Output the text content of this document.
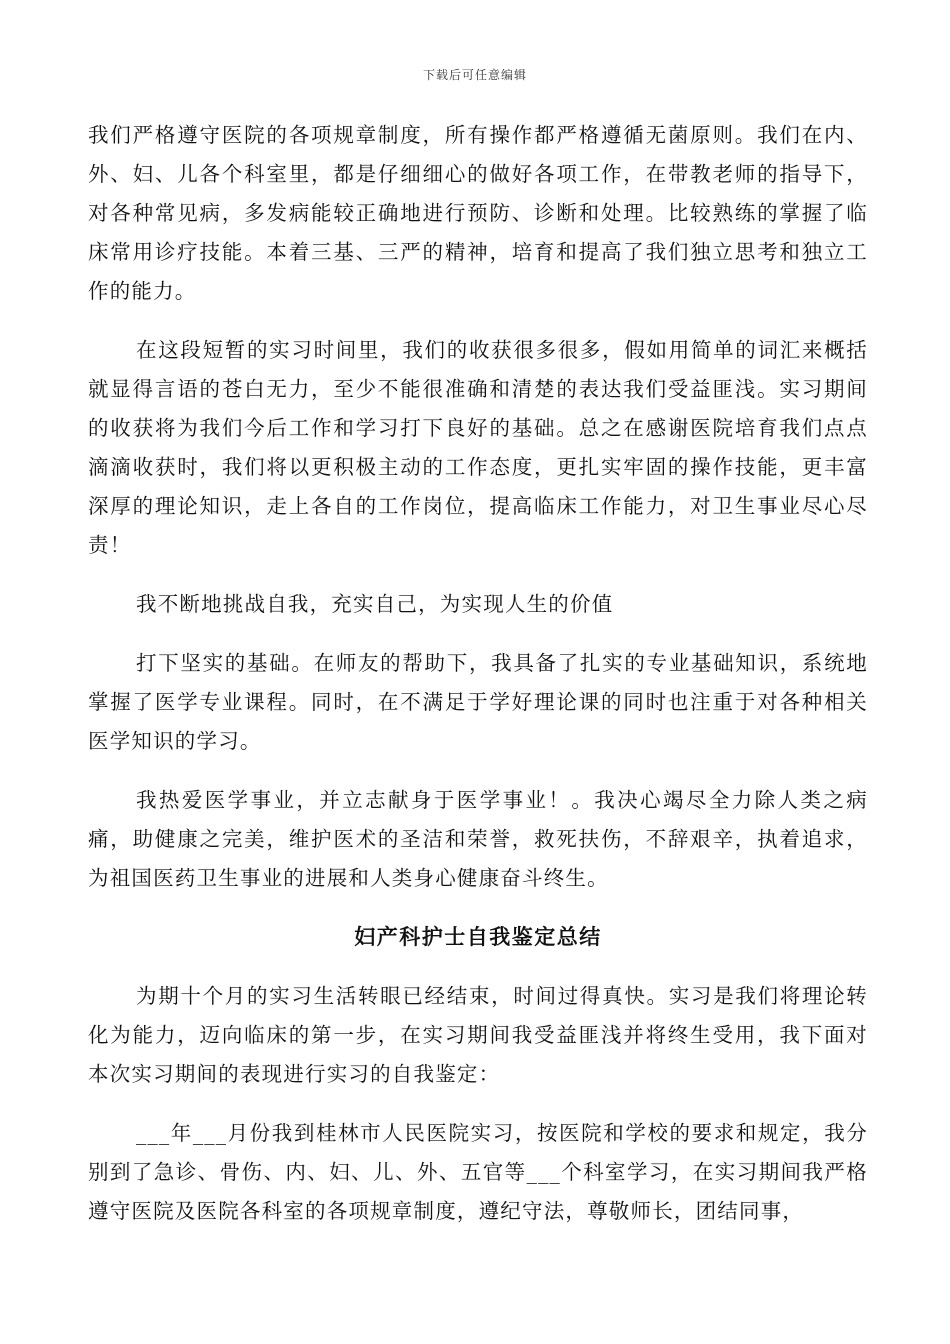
下载后可任意编辑

我们严格遵守医院的各项规章制度，所有操作都严格遵循无菌原则。我们在内、外、妇、儿各个科室里，都是仔细细心的做好各项工作，在带教老师的指导下，对各种常见病，多发病能较正确地进行预防、诊断和处理。比较熟练的掌握了临床常用诊疗技能。本着三基、三严的精神，培育和提高了我们独立思考和独立工作的能力。

在这段短暂的实习时间里，我们的收获很多很多，假如用简单的词汇来概括就显得言语的苍白无力，至少不能很准确和清楚的表达我们受益匪浅。实习期间的收获将为我们今后工作和学习打下良好的基础。总之在感谢医院培育我们点点滴滴收获时，我们将以更积极主动的工作态度，更扎实牢固的操作技能，更丰富深厚的理论知识，走上各自的工作岗位，提高临床工作能力，对卫生事业尽心尽责！

我不断地挑战自我，充实自己，为实现人生的价值

打下坚实的基础。在师友的帮助下，我具备了扎实的专业基础知识，系统地掌握了医学专业课程。同时，在不满足于学好理论课的同时也注重于对各种相关医学知识的学习。

我热爱医学事业，并立志献身于医学事业！。我决心竭尽全力除人类之病痛，助健康之完美，维护医术的圣洁和荣誉，救死扶伤，不辞艰辛，执着追求，为祖国医药卫生事业的进展和人类身心健康奋斗终生。

妇产科护士自我鉴定总结

为期十个月的实习生活转眼已经结束，时间过得真快。实习是我们将理论转化为能力，迈向临床的第一步，在实习期间我受益匪浅并将终生受用，我下面对本次实习期间的表现进行实习的自我鉴定：

___年___月份我到桂林市人民医院实习，按医院和学校的要求和规定，我分别到了急诊、骨伤、内、妇、儿、外、五官等___个科室学习，在实习期间我严格遵守医院及医院各科室的各项规章制度，遵纪守法，尊敬师长，团结同事，
